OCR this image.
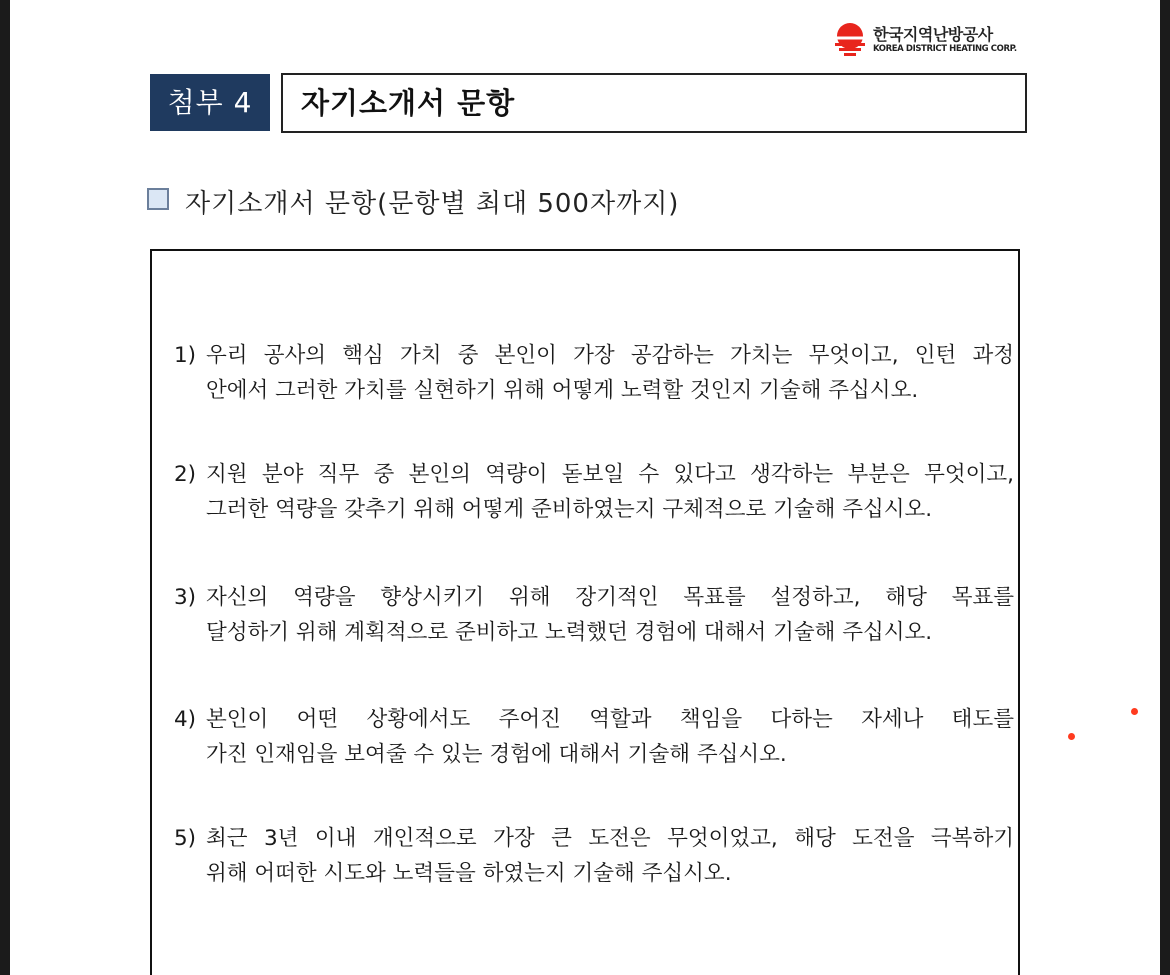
한국지역난방공사
KOREA DISTRICT HEATING CORP.
첨부 4	자기소개서 문항
자기소개서 문항(문항별 최대 500자까지)
1) 우리 공사의 핵심 가치 중 본인이 가장 공감하는 가치는 무엇이고, 인턴 과정
안에서 그러한 가치를 실현하기 위해 어떻게 노력할 것인지 기술해 주십시오.
2) 지원 분야 직무 중 본인의 역량이 돋보일 수 있다고 생각하는 부분은 무엇이고,
그러한 역량을 갖추기 위해 어떻게 준비하였는지 구체적으로 기술해 주십시오.
3) 자신의 역량을 향상시키기 위해 장기적인 목표를 설정하고, 해당 목표를
달성하기 위해 계획적으로 준비하고 노력했던 경험에 대해서 기술해 주십시오.
4) 본인이 어떤 상황에서도 주어진 역할과 책임을 다하는 자세나 태도를
가진 인재임을 보여줄 수 있는 경험에 대해서 기술해 주십시오.
5) 최근 3년 이내 개인적으로 가장 큰 도전은 무엇이었고, 해당 도전을 극복하기
위해 어떠한 시도와 노력들을 하였는지 기술해 주십시오.
